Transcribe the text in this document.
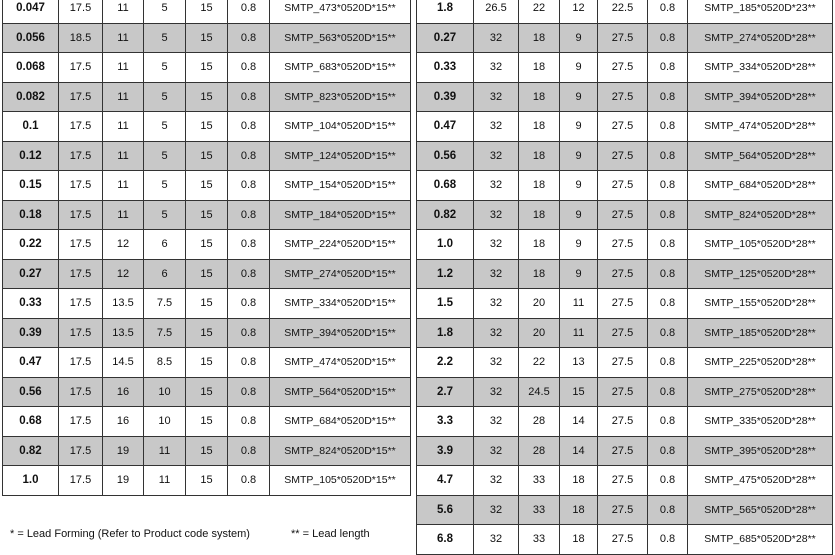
0.047	17.5	11	5	15	0.8	SMTP_473*0520D*15**
0.056	18.5	11	5	15	0.8	SMTP_563*0520D*15**
0.068	17.5	11	5	15	0.8	SMTP_683*0520D*15**
0.082	17.5	11	5	15	0.8	SMTP_823*0520D*15**
0.1	17.5	11	5	15	0.8	SMTP_104*0520D*15**
0.12	17.5	11	5	15	0.8	SMTP_124*0520D*15**
0.15	17.5	11	5	15	0.8	SMTP_154*0520D*15**
0.18	17.5	11	5	15	0.8	SMTP_184*0520D*15**
0.22	17.5	12	6	15	0.8	SMTP_224*0520D*15**
0.27	17.5	12	6	15	0.8	SMTP_274*0520D*15**
0.33	17.5	13.5	7.5	15	0.8	SMTP_334*0520D*15**
0.39	17.5	13.5	7.5	15	0.8	SMTP_394*0520D*15**
0.47	17.5	14.5	8.5	15	0.8	SMTP_474*0520D*15**
0.56	17.5	16	10	15	0.8	SMTP_564*0520D*15**
0.68	17.5	16	10	15	0.8	SMTP_684*0520D*15**
0.82	17.5	19	11	15	0.8	SMTP_824*0520D*15**
1.0	17.5	19	11	15	0.8	SMTP_105*0520D*15**
1.8	26.5	22	12	22.5	0.8	SMTP_185*0520D*23**
0.27	32	18	9	27.5	0.8	SMTP_274*0520D*28**
0.33	32	18	9	27.5	0.8	SMTP_334*0520D*28**
0.39	32	18	9	27.5	0.8	SMTP_394*0520D*28**
0.47	32	18	9	27.5	0.8	SMTP_474*0520D*28**
0.56	32	18	9	27.5	0.8	SMTP_564*0520D*28**
0.68	32	18	9	27.5	0.8	SMTP_684*0520D*28**
0.82	32	18	9	27.5	0.8	SMTP_824*0520D*28**
1.0	32	18	9	27.5	0.8	SMTP_105*0520D*28**
1.2	32	18	9	27.5	0.8	SMTP_125*0520D*28**
1.5	32	20	11	27.5	0.8	SMTP_155*0520D*28**
1.8	32	20	11	27.5	0.8	SMTP_185*0520D*28**
2.2	32	22	13	27.5	0.8	SMTP_225*0520D*28**
2.7	32	24.5	15	27.5	0.8	SMTP_275*0520D*28**
3.3	32	28	14	27.5	0.8	SMTP_335*0520D*28**
3.9	32	28	14	27.5	0.8	SMTP_395*0520D*28**
4.7	32	33	18	27.5	0.8	SMTP_475*0520D*28**
5.6	32	33	18	27.5	0.8	SMTP_565*0520D*28**
6.8	32	33	18	27.5	0.8	SMTP_685*0520D*28**
* = Lead Forming (Refer to Product code system)	** = Lead length
